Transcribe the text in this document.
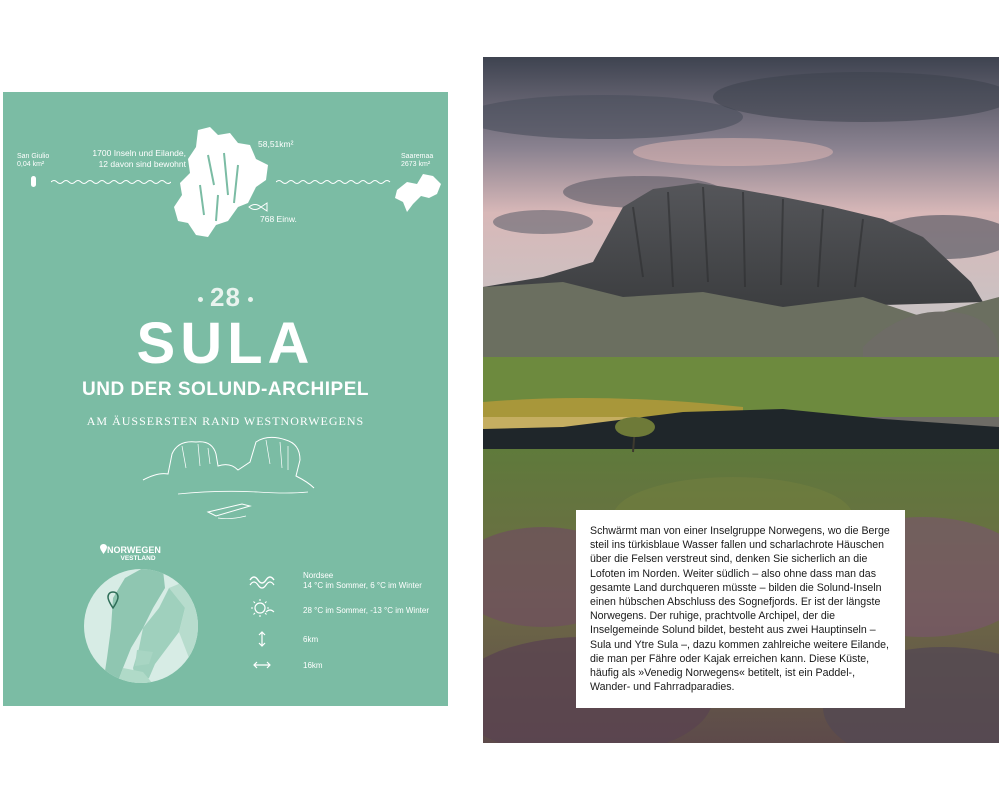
San Giulio
0,04 km²
1700 Inseln und Eilande,
12 davon sind bewohnt
58,51km²
768 Einw.
Saaremaa
2673 km²
28
SULA
UND DER SOLUND-ARCHIPEL
AM ÄUSSERSTEN RAND WESTNORWEGENS
NORWEGEN
VESTLAND
Nordsee
14 °C im Sommer, 6 °C im Winter
28 °C im Sommer, -13 °C im Winter
6km
16km
Schwärmt man von einer Inselgruppe Norwegens, wo die Berge steil ins türkisblaue Wasser fallen und scharlachrote Häuschen über die Felsen verstreut sind, denken Sie sicherlich an die Lofoten im Norden. Weiter südlich – also ohne dass man das gesamte Land durchqueren müsste – bilden die Solund-Inseln einen hübschen Abschluss des Sognefjords. Er ist der längste Norwegens. Der ruhige, prachtvolle Archipel, der die Inselgemeinde Solund bildet, besteht aus zwei Hauptinseln – Sula und Ytre Sula –, dazu kommen zahlreiche weitere Eilande, die man per Fähre oder Kajak erreichen kann. Diese Küste, häufig als »Venedig Norwegens« betitelt, ist ein Paddel-, Wander- und Fahrradparadies.
